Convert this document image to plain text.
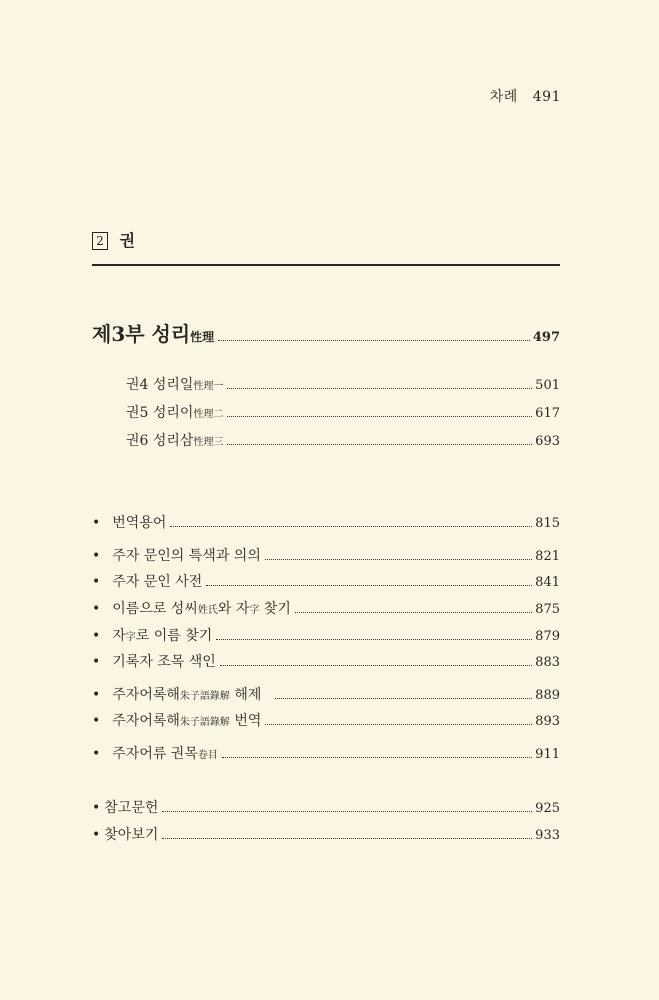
차례 491
2 권
제3부 성리性理	497
권4 성리일性理一	501
권5 성리이性理二	617
권6 성리삼性理三	693
• 번역용어	815
• 주자 문인의 특색과 의의	821
• 주자 문인 사전	841
• 이름으로 성씨姓氏와 자字 찾기	875
• 자字로 이름 찾기	879
• 기록자 조목 색인	883
• 주자어록해朱子語錄解 해제	889
• 주자어록해朱子語錄解 번역	893
• 주자어류 권목卷目	911
• 참고문헌	925
• 찾아보기	933
